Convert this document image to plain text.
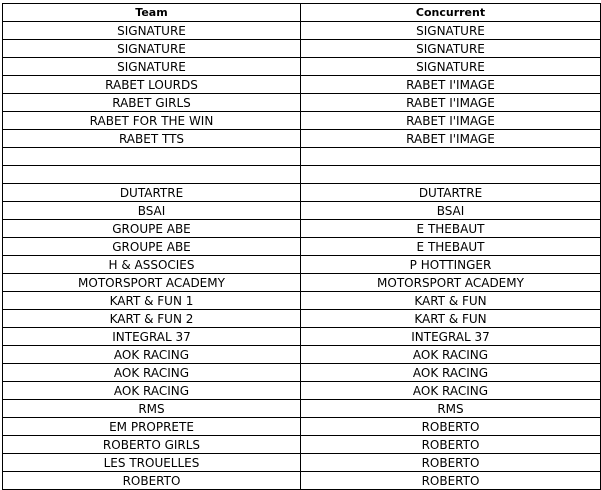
Team	Concurrent
SIGNATURE	SIGNATURE
SIGNATURE	SIGNATURE
SIGNATURE	SIGNATURE
RABET LOURDS	RABET I'IMAGE
RABET GIRLS	RABET I'IMAGE
RABET FOR THE WIN	RABET I'IMAGE
RABET TTS	RABET I'IMAGE

DUTARTRE	DUTARTRE
BSAI	BSAI
GROUPE ABE	E THEBAUT
GROUPE ABE	E THEBAUT
H & ASSOCIES	P HOTTINGER
MOTORSPORT ACADEMY	MOTORSPORT ACADEMY
KART & FUN 1	KART & FUN
KART & FUN 2	KART & FUN
INTEGRAL 37	INTEGRAL 37
AOK RACING	AOK RACING
AOK RACING	AOK RACING
AOK RACING	AOK RACING
RMS	RMS
EM PROPRETE	ROBERTO
ROBERTO GIRLS	ROBERTO
LES TROUELLES	ROBERTO
ROBERTO	ROBERTO
